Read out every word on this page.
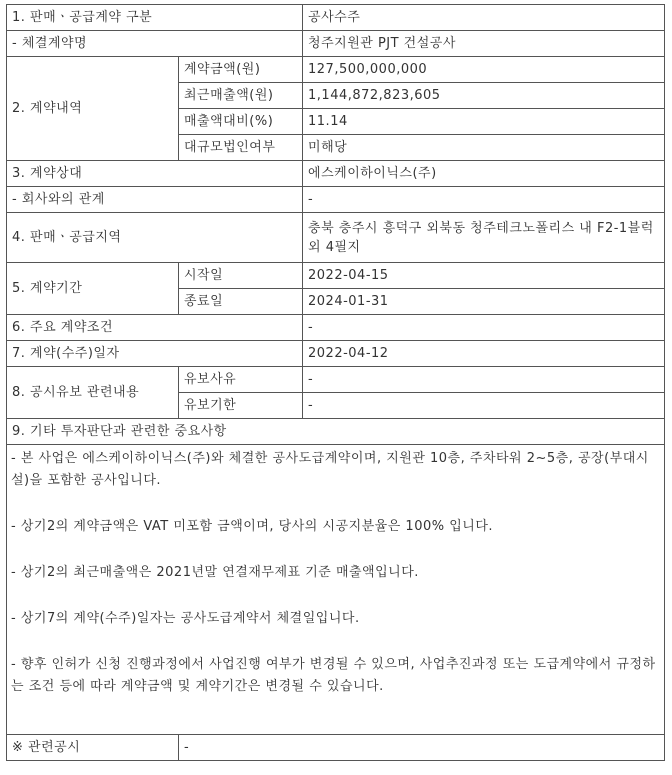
1. 판매ㆍ공급계약 구분		공사수주
- 체결계약명		청주지원관 PJT 건설공사
2. 계약내역	계약금액(원)	127,500,000,000
	최근매출액(원)	1,144,872,823,605
	매출액대비(%)	11.14
	대규모법인여부	미해당
3. 계약상대		에스케이하이닉스(주)
- 회사와의 관계		-
4. 판매ㆍ공급지역		충북 충주시 흥덕구 외북동 청주테크노폴리스 내 F2-1블럭 외 4필지
5. 계약기간	시작일	2022-04-15
	종료일	2024-01-31
6. 주요 계약조건		-
7. 계약(수주)일자		2022-04-12
8. 공시유보 관련내용	유보사유	-
	유보기한	-
9. 기타 투자판단과 관련한 중요사항		

- 본 사업은 에스케이하이닉스(주)와 체결한 공사도급계약이며, 지원관 10층, 주차타워 2~5층, 공장(부대시설)을 포함한 공사입니다.
- 상기2의 계약금액은 VAT 미포함 금액이며, 당사의 시공지분율은 100% 입니다.
- 상기2의 최근매출액은 2021년말 연결재무제표 기준 매출액입니다.
- 상기7의 계약(수주)일자는 공사도급계약서 체결일입니다.
- 향후 인허가 신청 진행과정에서 사업진행 여부가 변경될 수 있으며, 사업추진과정 또는 도급계약에서 규정하는 조건 등에 따라 계약금액 및 계약기간은 변경될 수 있습니다.		

※ 관련공시	-	
